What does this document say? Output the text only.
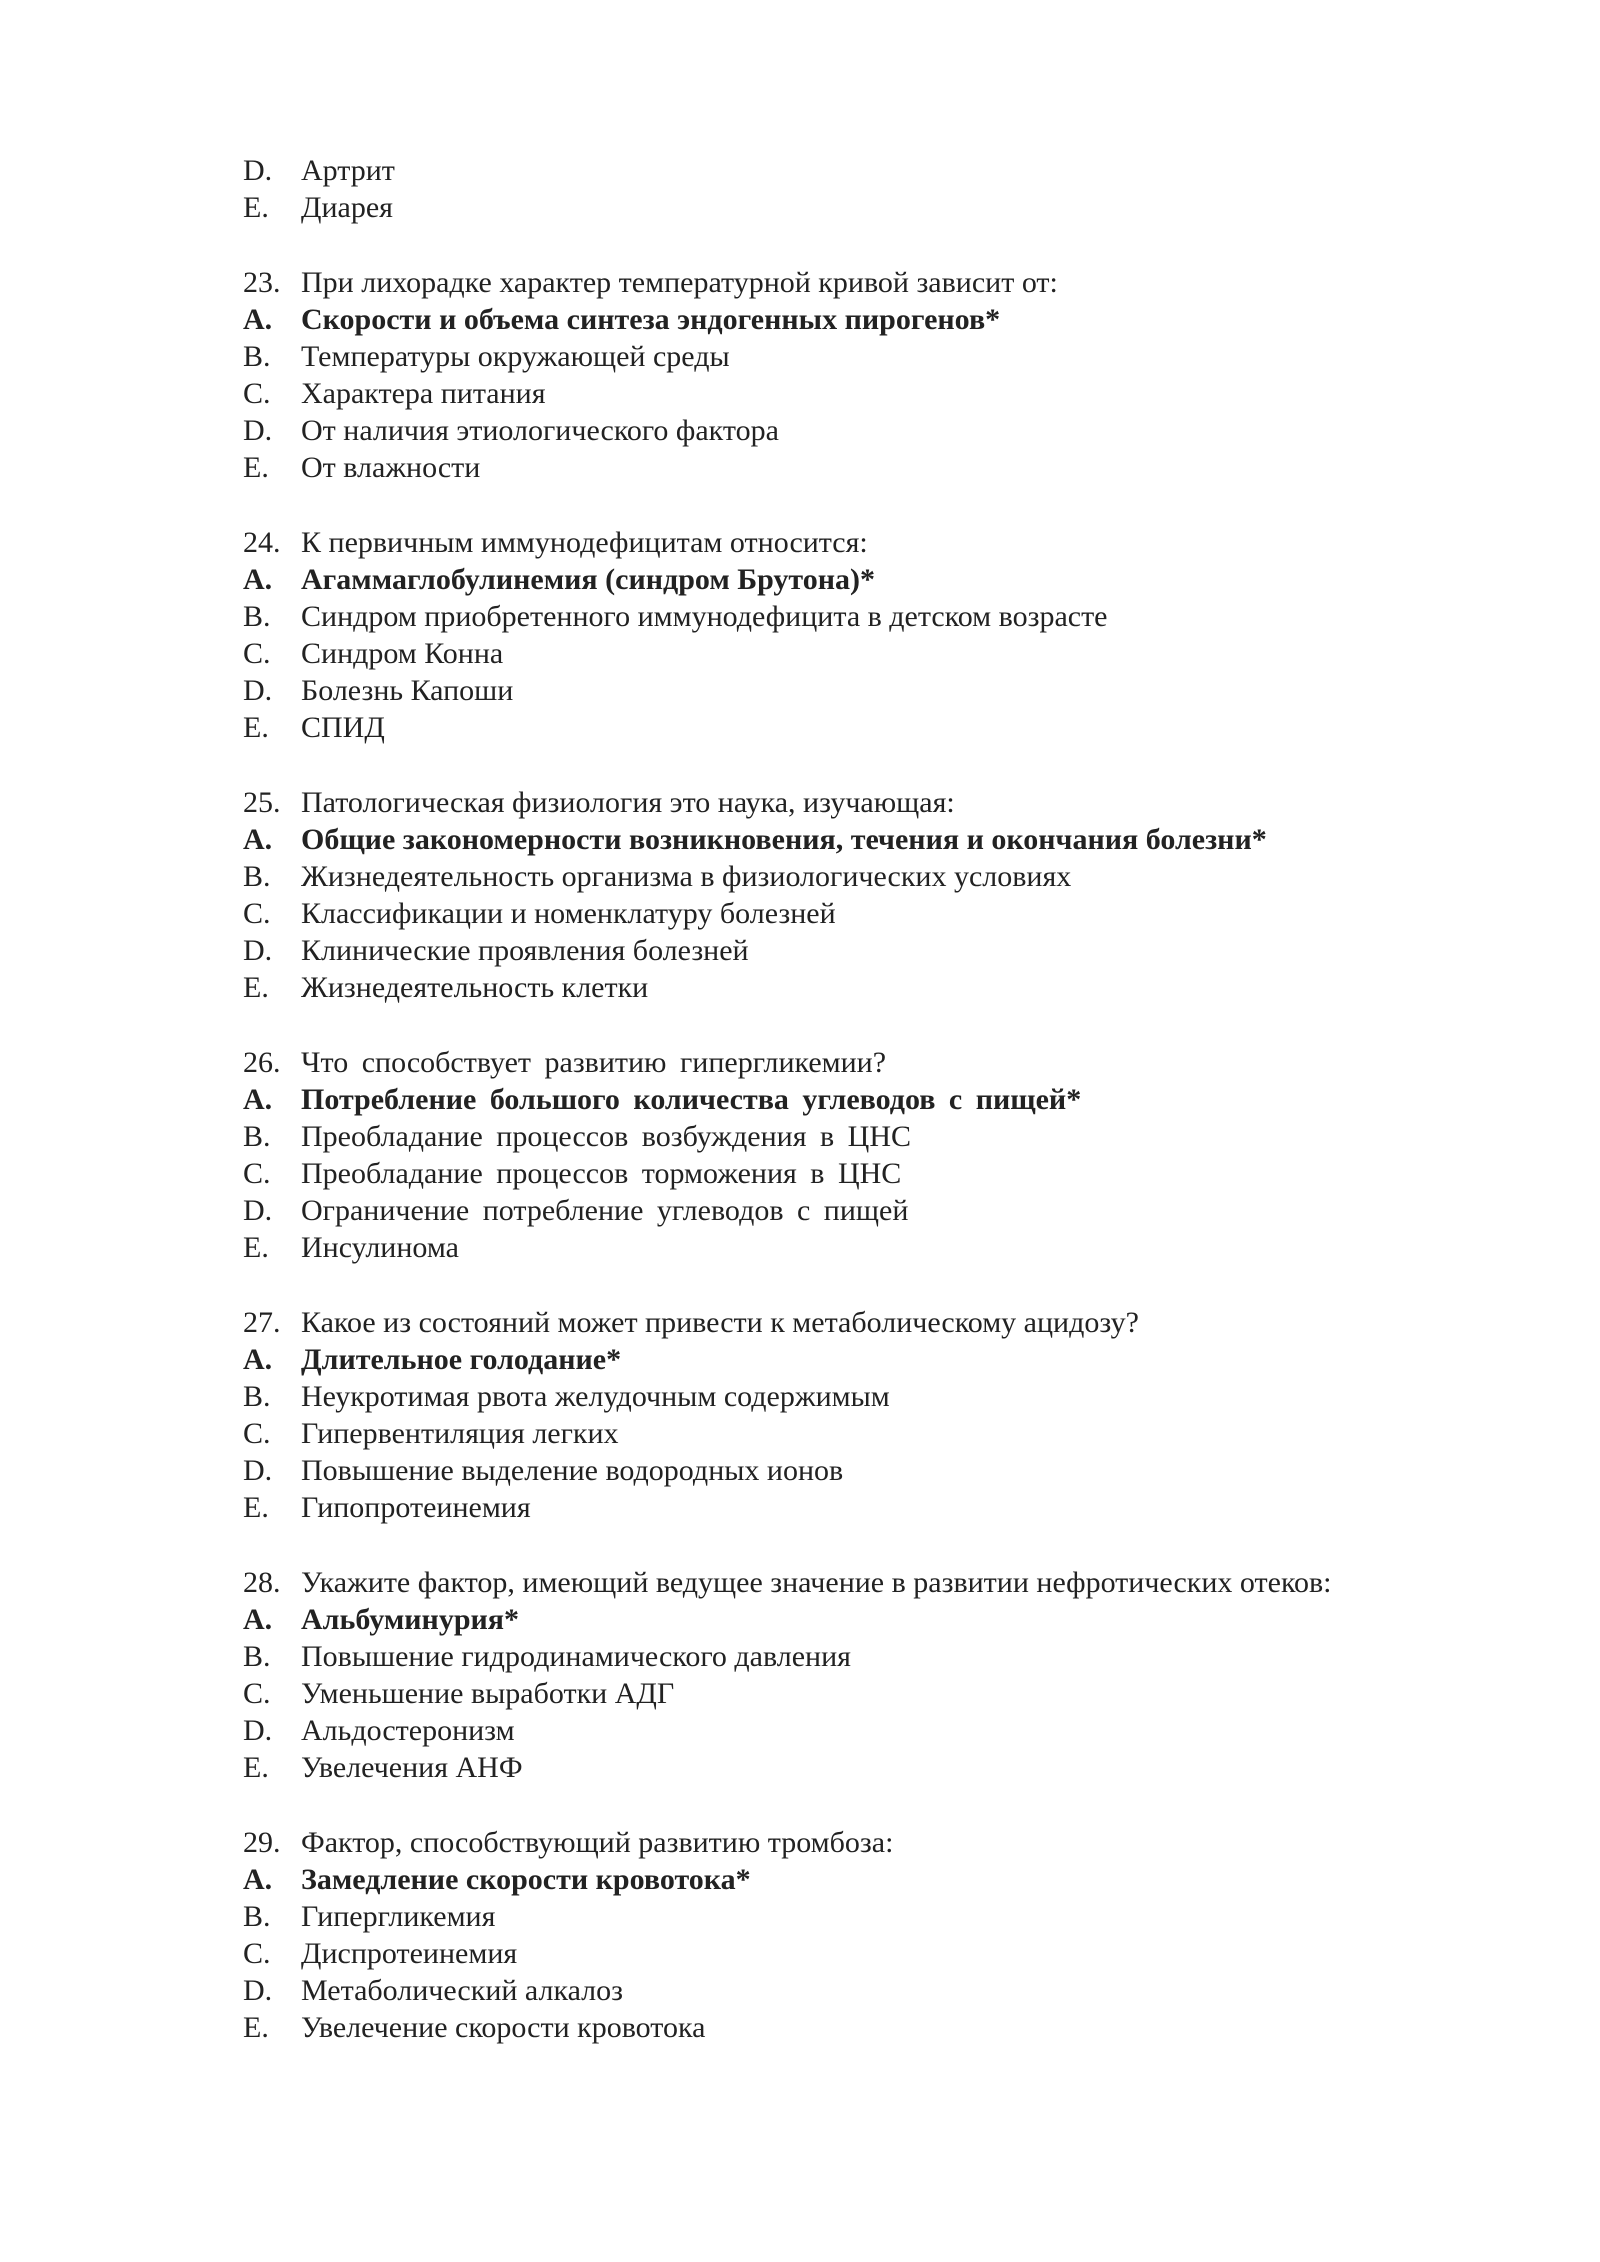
D. Артрит
E.	Диарея
23. При лихорадке характер температурной кривой зависит от:
A. Скорости и объема синтеза эндогенных пирогенов*
B.	Температуры окружающей среды
C.	Характера питания
D. От наличия этиологического фактора
E.	От влажности
24. К первичным иммунодефицитам относится:
A. Агаммаглобулинемия (синдром Брутона)*
B.	Синдром приобретенного иммунодефицита в детском возрасте
C.	Синдром Конна
D. Болезнь Капоши
E.	СПИД
25. Патологическая физиология это наука, изучающая:
A. Общие закономерности возникновения, течения и окончания болезни*
B.	Жизнедеятельность организма в физиологических условиях
C.	Классификации и номенклатуру болезней
D. Клинические проявления болезней
E.	Жизнедеятельность клетки
26. Что способствует развитию гипергликемии?
A. Потребление большого количества углеводов с пищей*
B.	Преобладание процессов возбуждения в ЦНС
C.	Преобладание процессов торможения в ЦНС
D. Ограничение потребление углеводов с пищей
E.	Инсулинома
27. Какое из состояний может привести к метаболическому ацидозу?
A. Длительное голодание*
B.	Неукротимая рвота желудочным содержимым
C.	Гипервентиляция легких
D. Повышение выделение водородных ионов
E.	Гипопротеинемия
28. Укажите фактор, имеющий ведущее значение в развитии нефротических отеков:
A. Альбуминурия*
B.	Повышение гидродинамического давления
C.	Уменьшение выработки АДГ
D. Альдостеронизм
E.	Увелечения АНФ
29. Фактор, способствующий развитию тромбоза:
A. Замедление скорости кровотока*
B.	Гипергликемия
C.	Диспротеинемия
D. Метаболический алкалоз
E.	Увелечение скорости кровотока
